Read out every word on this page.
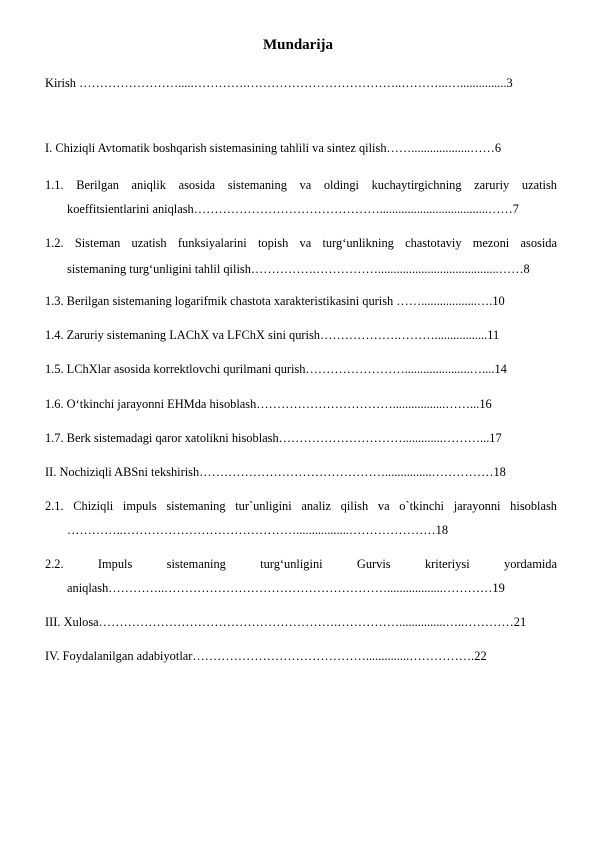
Mundarija
Kirish …………………….....………….………………………………..………...…...............3
I. Chiziqli Avtomatik boshqarish sistemasining tahlili va sintez qilish……...................……6
1.1. Berilgan aniqlik asosida sistemaning va oldingi kuchaytirgichning zaruriy uzatish
koeffitsientlarini aniqlash………………………………………...................................……7
1.2. Sisteman uzatish funksiyalarini topish va turg‘unlikning chastotaviy mezoni asosida
sistemaning turg‘unligini tahlil qilish…………….…………….......................................……8
1.3. Berilgan sistemaning logarifmik chastota xarakteristikasini qurish ……..................….10
1.4. Zaruriy sistemaning LAChX va LFChX sini qurish……………….……….................11
1.5. LChXlar asosida korrektlovchi qurilmani qurish…………………….....................…....14
1.6. O‘tkinchi jarayonni EHMda hisoblash…………………………….................……...16
1.7. Berk sistemadagi qaror xatolikni hisoblash………………………….............………...17
II. Nochiziqli ABSni tekshirish………………………………………...............……………18
2.1. Chiziqli impuls sistemaning tur`unligini analiz qilish va o`tkinchi jarayonni hisoblash
…………..…………………………………….................…………………18
2.2. Impuls sistemaning turg‘unligini Gurvis kriteriysi yordamida
aniqlash…………..………………………………………………..................…………19
III. Xulosa………………………………………………….……………...............…..…………21
IV. Foydalanilgan adabiyotlar……………………………………..............…………….22
